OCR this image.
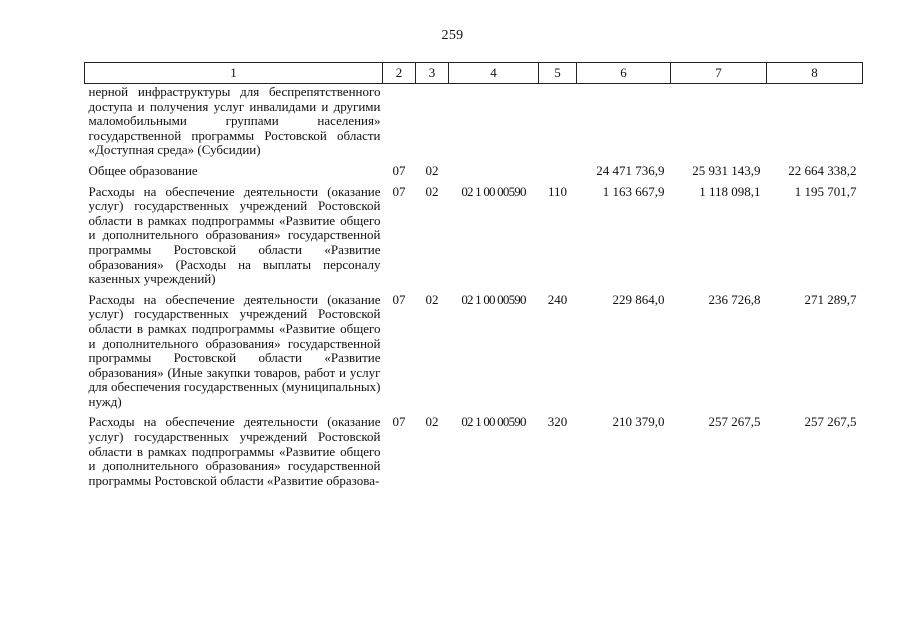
259
1	2	3	4	5	6	7	8
нерной инфраструктуры для беспрепятственного доступа и получения услуг инвалидами и другими маломобильными группами населения» государственной программы Ростовской области «Доступная среда» (Субсидии)							
Общее образование	07	02			24 471 736,9	25 931 143,9	22 664 338,2
Расходы на обеспечение деятельности (оказание услуг) государственных учреждений Ростовской области в рамках подпрограммы «Развитие общего и дополнительного образования» государственной программы Ростовской области «Развитие образования» (Расходы на выплаты персоналу казенных учреждений)	07	02	02 1 00 00590	110	1 163 667,9	1 118 098,1	1 195 701,7
Расходы на обеспечение деятельности (оказание услуг) государственных учреждений Ростовской области в рамках подпрограммы «Развитие общего и дополнительного образования» государственной программы Ростовской области «Развитие образования» (Иные закупки товаров, работ и услуг для обеспечения государственных (муниципальных) нужд)	07	02	02 1 00 00590	240	229 864,0	236 726,8	271 289,7
Расходы на обеспечение деятельности (оказание услуг) государственных учреждений Ростовской области в рамках подпрограммы «Развитие общего и дополнительного образования» государственной программы Ростовской области «Развитие образова-	07	02	02 1 00 00590	320	210 379,0	257 267,5	257 267,5
